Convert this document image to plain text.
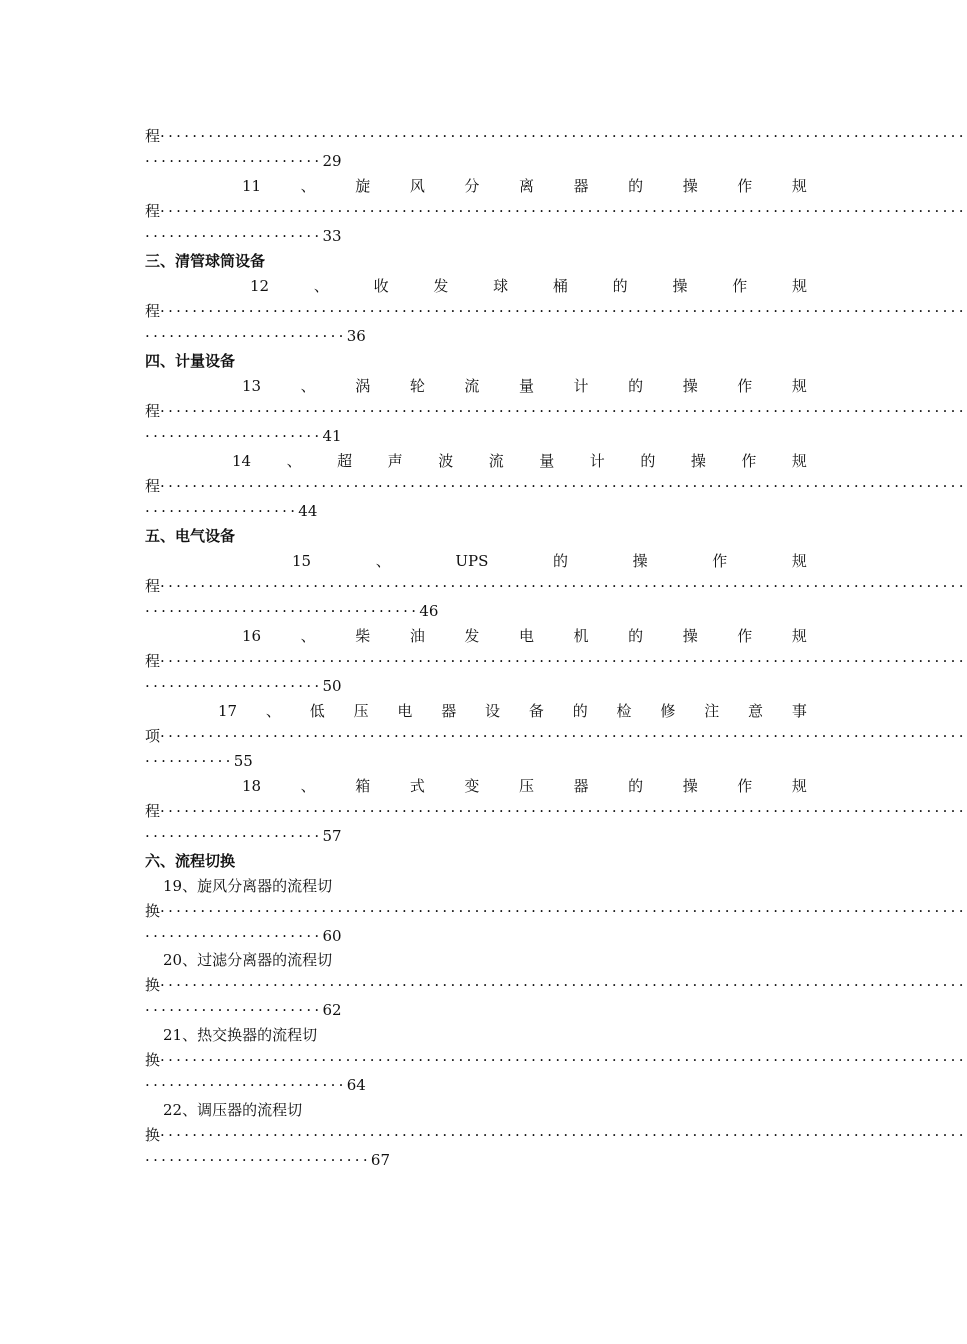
程 ····································································································
······················29
11	、	旋	风	分	离	器	的	操	作	规
程 ····································································································
······················33
三、清管球筒设备
12	、	收	发	球	桶	的	操	作	规
程 ····································································································
·························36
四、计量设备
13	、	涡	轮	流	量	计	的	操	作	规
程 ····································································································
······················41
14 、 超 声 波 流 量 计 的 操 作 规
程 ····································································································
···················44
五、电气设备
15	、	UPS	的	操	作	规
程 ····································································································
··································46
16	、	柴	油	发	电	机	的	操	作	规
程 ····································································································
······················50
17 、 低 压 电 器 设 备 的 检 修 注 意 事
项 ····································································································
···········55
18	、	箱	式	变	压	器	的	操	作	规
程 ····································································································
······················57
六、流程切换
19、旋风分离器的流程切
换 ····································································································
······················60
20、过滤分离器的流程切
换 ····································································································
······················62
21、热交换器的流程切
换 ····································································································
·························64
22、调压器的流程切
换 ····································································································
····························67
